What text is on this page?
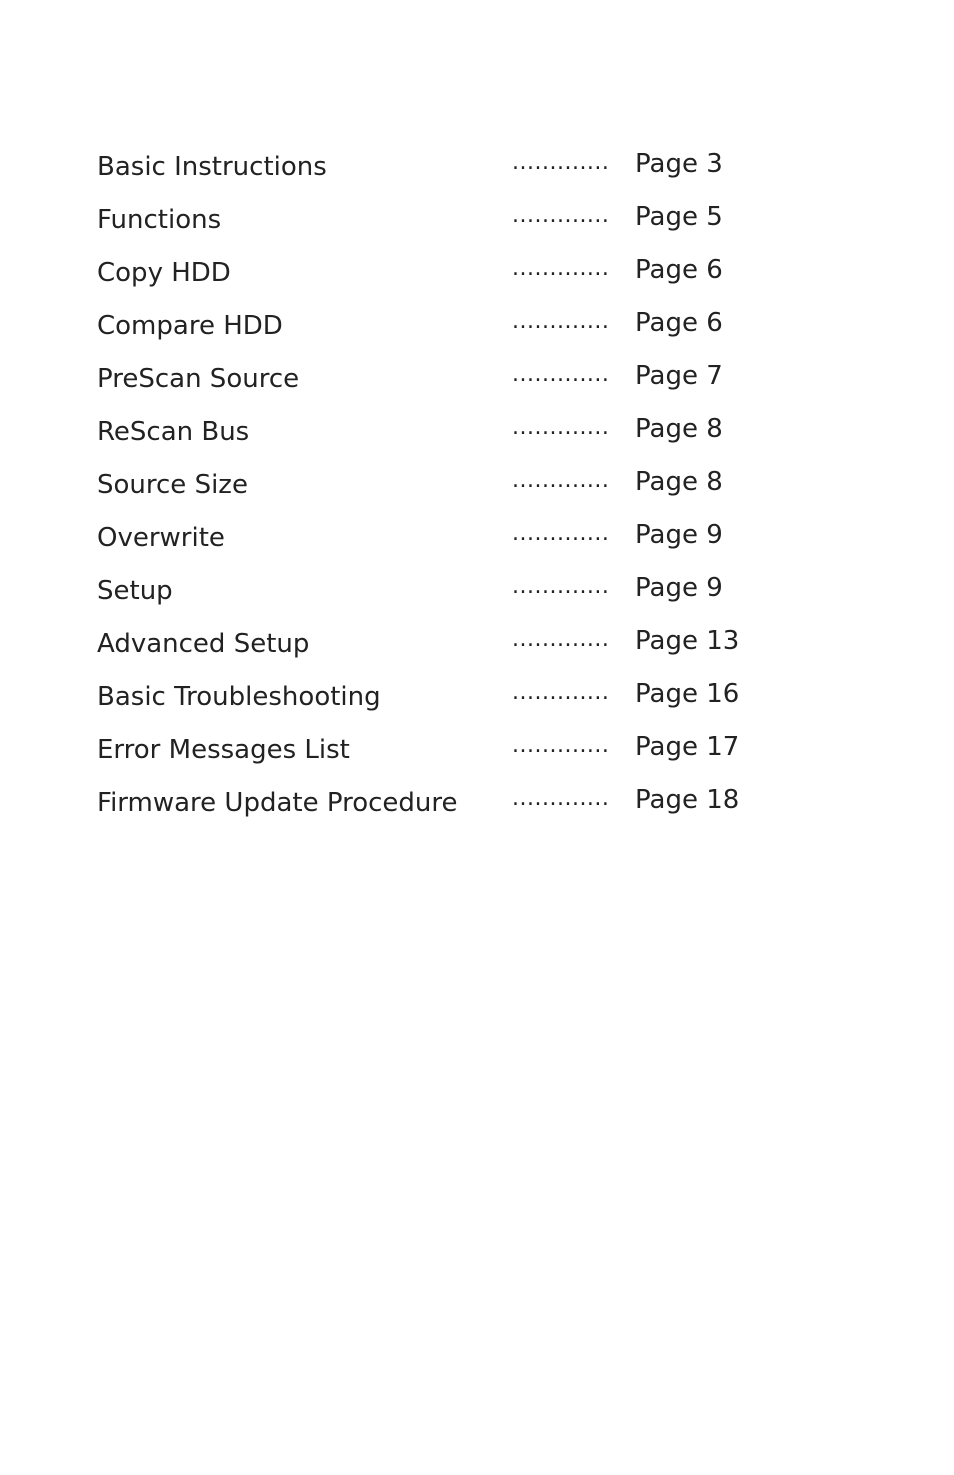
Basic Instructions	............. Page 3
Functions	............. Page 5
Copy HDD	............. Page 6
Compare HDD	............. Page 6
PreScan Source	............. Page 7
ReScan Bus	............. Page 8
Source Size	............. Page 8
Overwrite	............. Page 9
Setup	............. Page 9
Advanced Setup	............. Page 13
Basic Troubleshooting	............. Page 16
Error Messages List	............. Page 17
Firmware Update Procedure ............. Page 18
